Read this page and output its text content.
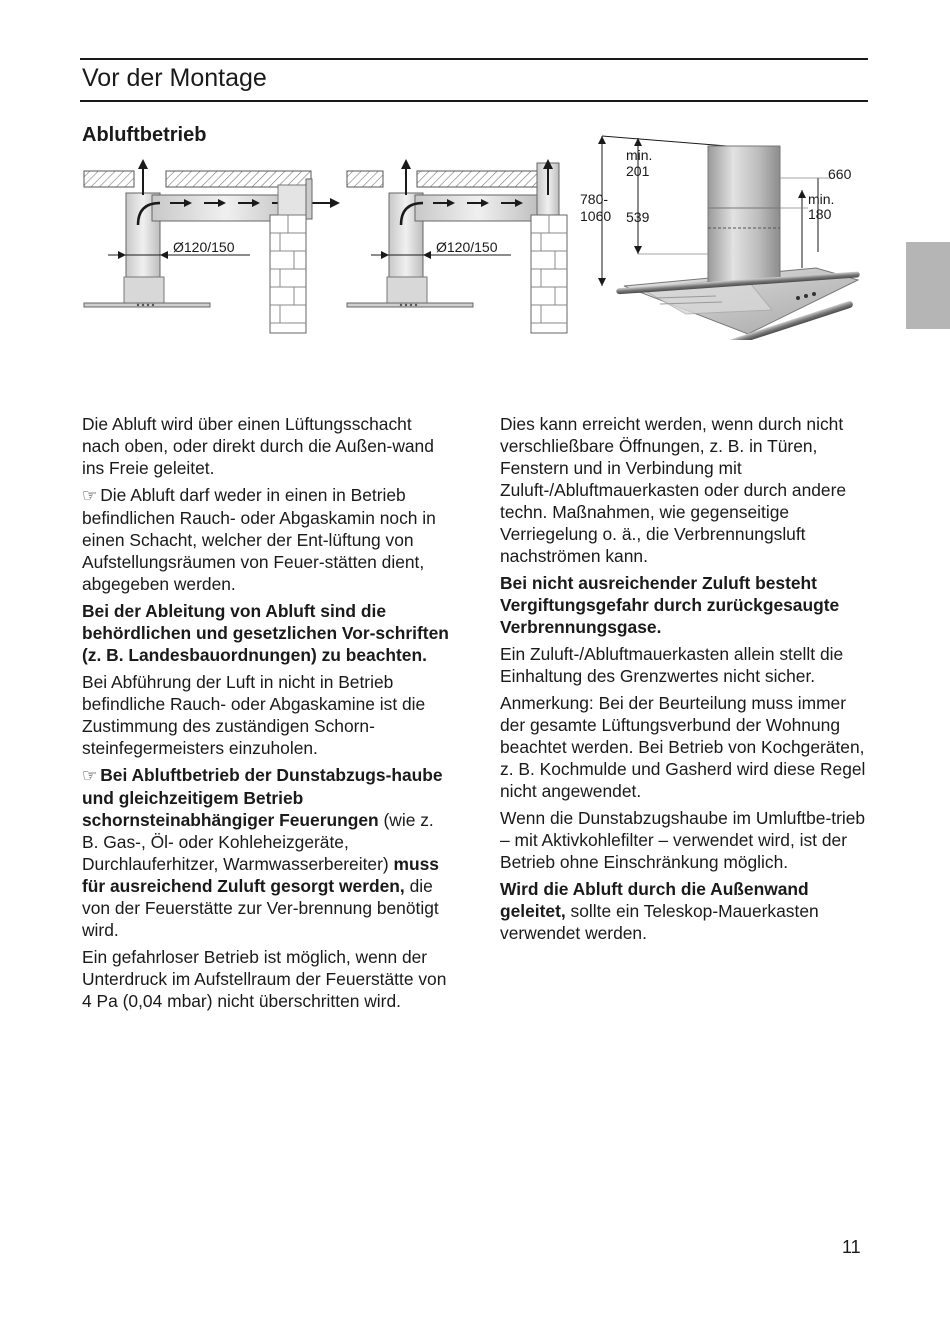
Vor der Montage
Abluftbetrieb
Ø120/150	Ø120/150
780-
1060
min.
201
539
660
min.
180

Die Abluft wird über einen Lüftungsschacht nach oben, oder direkt durch die Außen-wand ins Freie geleitet.

☞ Die Abluft darf weder in einen in Betrieb befindlichen Rauch- oder Abgaskamin noch in einen Schacht, welcher der Ent-lüftung von Aufstellungsräumen von Feuer-stätten dient, abgegeben werden.

Bei der Ableitung von Abluft sind die behördlichen und gesetzlichen Vor-schriften (z. B. Landesbauordnungen) zu beachten.

Bei Abführung der Luft in nicht in Betrieb befindliche Rauch- oder Abgaskamine ist die Zustimmung des zuständigen Schorn-steinfegermeisters einzuholen.

☞ Bei Abluftbetrieb der Dunstabzugs-haube und gleichzeitigem Betrieb schornsteinabhängiger Feuerungen (wie z. B. Gas-, Öl- oder Kohleheizgeräte, Durchlauferhitzer, Warmwasserbereiter) muss für ausreichend Zuluft gesorgt werden, die von der Feuerstätte zur Ver-brennung benötigt wird.

Ein gefahrloser Betrieb ist möglich, wenn der Unterdruck im Aufstellraum der Feuerstätte von 4 Pa (0,04 mbar) nicht überschritten wird.

Dies kann erreicht werden, wenn durch nicht verschließbare Öffnungen, z. B. in Türen, Fenstern und in Verbindung mit Zuluft-/Abluftmauerkasten oder durch andere techn. Maßnahmen, wie gegenseitige Verriegelung o. ä., die Verbrennungsluft nachströmen kann.

Bei nicht ausreichender Zuluft besteht Vergiftungsgefahr durch zurückgesaugte Verbrennungsgase.

Ein Zuluft-/Abluftmauerkasten allein stellt die Einhaltung des Grenzwertes nicht sicher.

Anmerkung: Bei der Beurteilung muss immer der gesamte Lüftungsverbund der Wohnung beachtet werden. Bei Betrieb von Kochgeräten, z. B. Kochmulde und Gasherd wird diese Regel nicht angewendet.

Wenn die Dunstabzugshaube im Umluftbe-trieb – mit Aktivkohlefilter – verwendet wird, ist der Betrieb ohne Einschränkung möglich.

Wird die Abluft durch die Außenwand geleitet, sollte ein Teleskop-Mauerkasten verwendet werden.

11
